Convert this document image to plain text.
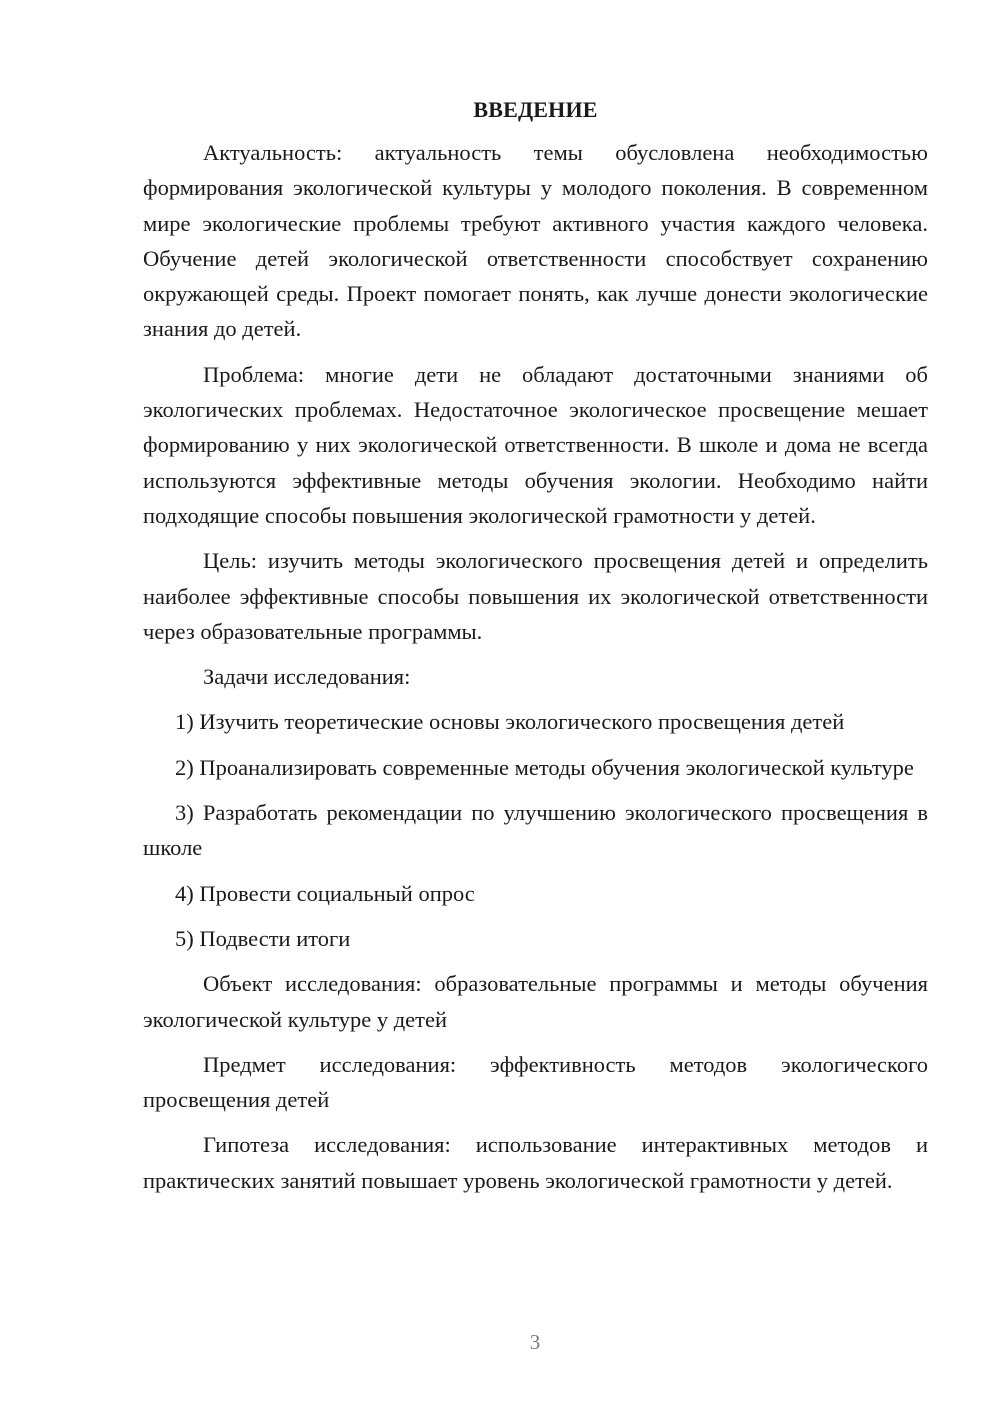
ВВЕДЕНИЕ

Актуальность: актуальность темы обусловлена необходимостью формирования экологической культуры у молодого поколения. В современном мире экологические проблемы требуют активного участия каждого человека. Обучение детей экологической ответственности способствует сохранению окружающей среды. Проект помогает понять, как лучше донести экологические знания до детей.

Проблема: многие дети не обладают достаточными знаниями об экологических проблемах. Недостаточное экологическое просвещение мешает формированию у них экологической ответственности. В школе и дома не всегда используются эффективные методы обучения экологии. Необходимо найти подходящие способы повышения экологической грамотности у детей.

Цель: изучить методы экологического просвещения детей и определить наиболее эффективные способы повышения их экологической ответственности через образовательные программы.

Задачи исследования:

1) Изучить теоретические основы экологического просвещения детей

2) Проанализировать современные методы обучения экологической культуре

3) Разработать рекомендации по улучшению экологического просвещения в школе

4) Провести социальный опрос

5) Подвести итоги

Объект исследования: образовательные программы и методы обучения экологической культуре у детей

Предмет исследования: эффективность методов экологического просвещения детей

Гипотеза исследования: использование интерактивных методов и практических занятий повышает уровень экологической грамотности у детей.

3
